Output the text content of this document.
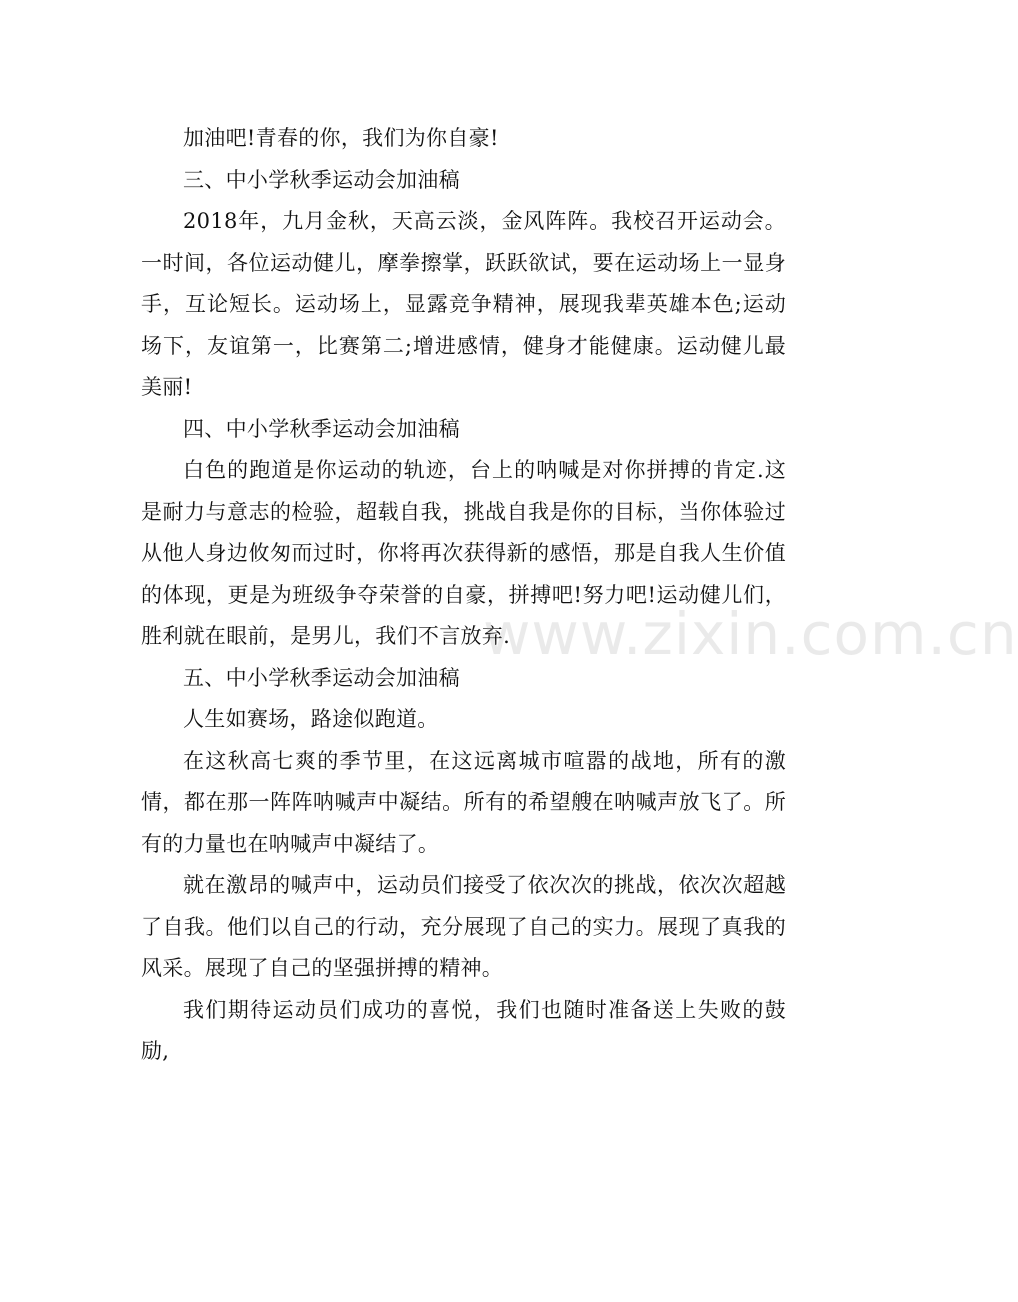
加油吧!青春的你，我们为你自豪!

三、中小学秋季运动会加油稿

2018年，九月金秋，天高云淡，金风阵阵。我校召开运动会。一时间，各位运动健儿，摩拳擦掌，跃跃欲试，要在运动场上一显身手，互论短长。运动场上，显露竞争精神，展现我辈英雄本色;运动场下，友谊第一，比赛第二;增进感情，健身才能健康。运动健儿最美丽!

四、中小学秋季运动会加油稿

白色的跑道是你运动的轨迹，台上的呐喊是对你拼搏的肯定.这是耐力与意志的检验，超载自我，挑战自我是你的目标，当你体验过从他人身边攸匆而过时，你将再次获得新的感悟，那是自我人生价值的体现，更是为班级争夺荣誉的自豪，拼搏吧!努力吧!运动健儿们，胜利就在眼前，是男儿，我们不言放弃.

五、中小学秋季运动会加油稿

人生如赛场，路途似跑道。

在这秋高七爽的季节里，在这远离城市喧嚣的战地，所有的激情，都在那一阵阵呐喊声中凝结。所有的希望艘在呐喊声放飞了。所有的力量也在呐喊声中凝结了。

就在激昂的喊声中，运动员们接受了依次次的挑战，依次次超越了自我。他们以自己的行动，充分展现了自己的实力。展现了真我的风采。展现了自己的坚强拼搏的精神。

我们期待运动员们成功的喜悦，我们也随时准备送上失败的鼓励,

www.zixin.com.cn
